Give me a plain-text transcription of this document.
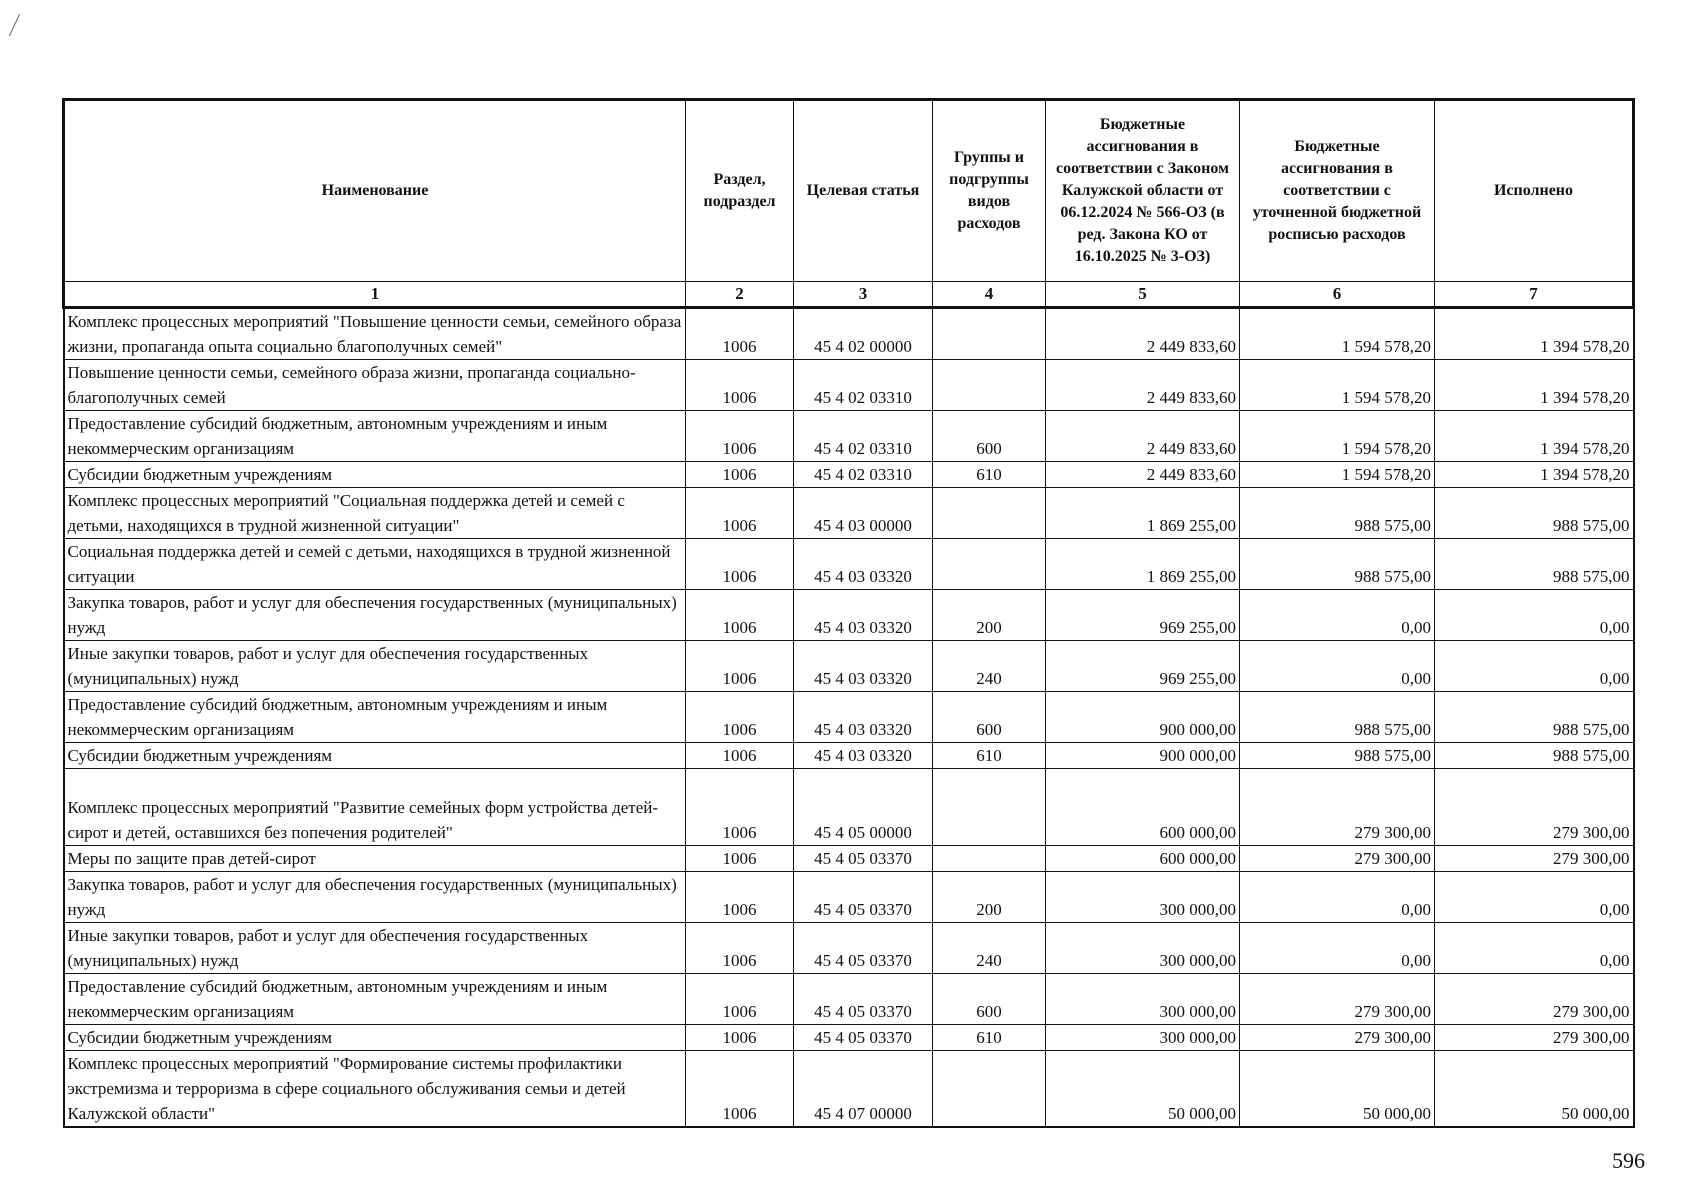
Наименование	Раздел, подраздел	Целевая статья	Группы и подгруппы видов расходов	Бюджетные ассигнования в соответствии с Законом Калужской области от 06.12.2024 № 566-ОЗ (в ред. Закона КО от 16.10.2025 № 3-ОЗ)	Бюджетные ассигнования в соответствии с уточненной бюджетной росписью расходов	Исполнено
1	2	3	4	5	6	7
Комплекс процессных мероприятий "Повышение ценности семьи, семейного образа жизни, пропаганда опыта социально благополучных семей"	1006	45 4 02 00000		2 449 833,60	1 594 578,20	1 394 578,20
Повышение ценности семьи, семейного образа жизни, пропаганда социально-благополучных семей	1006	45 4 02 03310		2 449 833,60	1 594 578,20	1 394 578,20
Предоставление субсидий бюджетным, автономным учреждениям и иным некоммерческим организациям	1006	45 4 02 03310	600	2 449 833,60	1 594 578,20	1 394 578,20
Субсидии бюджетным учреждениям	1006	45 4 02 03310	610	2 449 833,60	1 594 578,20	1 394 578,20
Комплекс процессных мероприятий "Социальная поддержка детей и семей с детьми, находящихся в трудной жизненной ситуации"	1006	45 4 03 00000		1 869 255,00	988 575,00	988 575,00
Социальная поддержка детей и семей с детьми, находящихся в трудной жизненной ситуации	1006	45 4 03 03320		1 869 255,00	988 575,00	988 575,00
Закупка товаров, работ и услуг для обеспечения государственных (муниципальных) нужд	1006	45 4 03 03320	200	969 255,00	0,00	0,00
Иные закупки товаров, работ и услуг для обеспечения государственных (муниципальных) нужд	1006	45 4 03 03320	240	969 255,00	0,00	0,00
Предоставление субсидий бюджетным, автономным учреждениям и иным некоммерческим организациям	1006	45 4 03 03320	600	900 000,00	988 575,00	988 575,00
Субсидии бюджетным учреждениям	1006	45 4 03 03320	610	900 000,00	988 575,00	988 575,00
Комплекс процессных мероприятий "Развитие семейных форм устройства детей-сирот и детей, оставшихся без попечения родителей"	1006	45 4 05 00000		600 000,00	279 300,00	279 300,00
Меры по защите прав детей-сирот	1006	45 4 05 03370		600 000,00	279 300,00	279 300,00
Закупка товаров, работ и услуг для обеспечения государственных (муниципальных) нужд	1006	45 4 05 03370	200	300 000,00	0,00	0,00
Иные закупки товаров, работ и услуг для обеспечения государственных (муниципальных) нужд	1006	45 4 05 03370	240	300 000,00	0,00	0,00
Предоставление субсидий бюджетным, автономным учреждениям и иным некоммерческим организациям	1006	45 4 05 03370	600	300 000,00	279 300,00	279 300,00
Субсидии бюджетным учреждениям	1006	45 4 05 03370	610	300 000,00	279 300,00	279 300,00
Комплекс процессных мероприятий "Формирование системы профилактики экстремизма и терроризма в сфере социального обслуживания семьи и детей Калужской области"	1006	45 4 07 00000		50 000,00	50 000,00	50 000,00
596
